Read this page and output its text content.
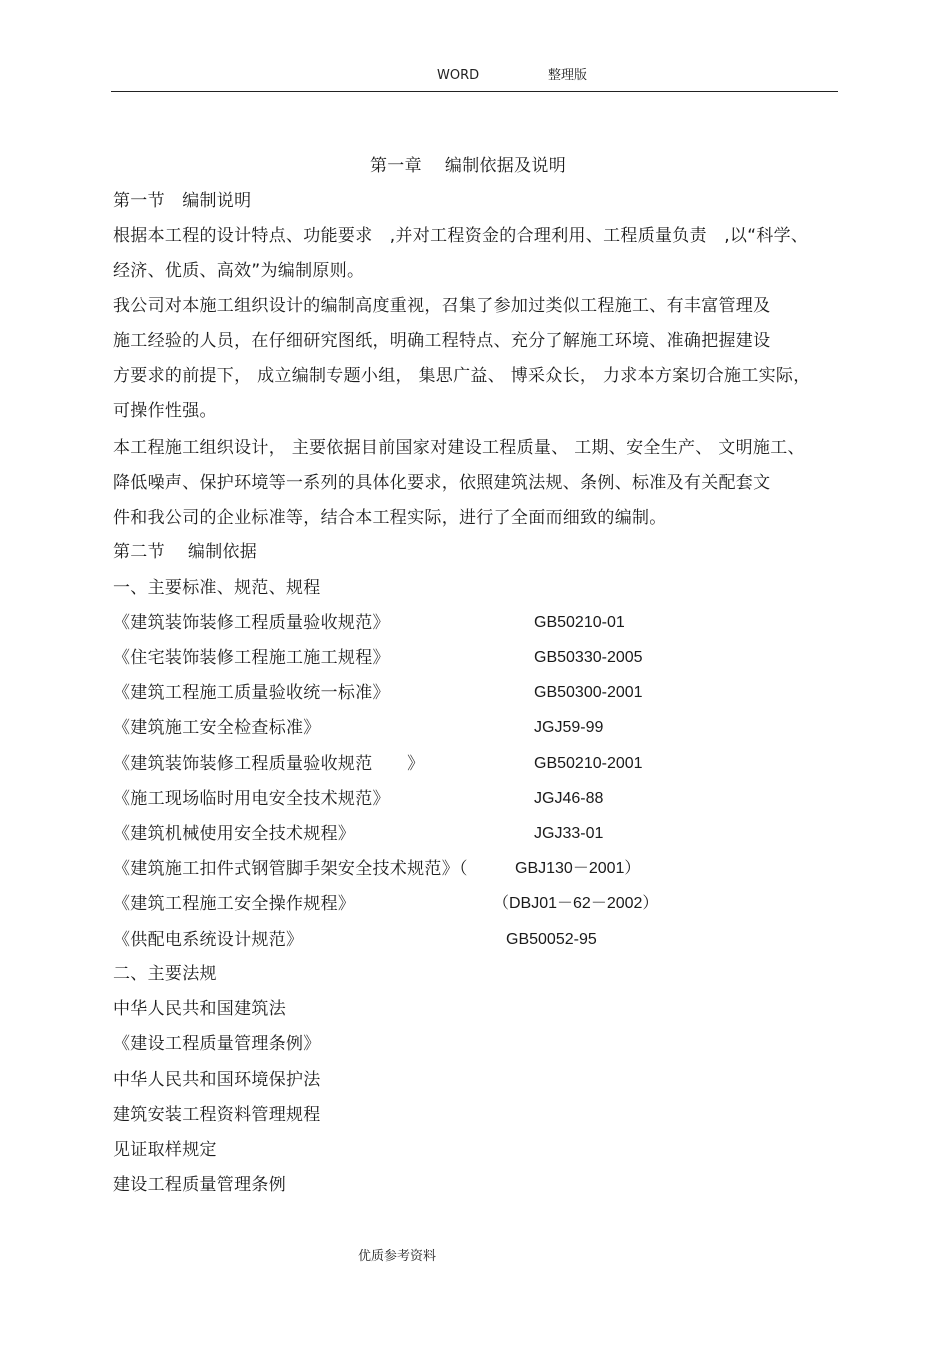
WORD	整理版
第一章　 编制依据及说明
第一节　编制说明
根据本工程的设计特点、功能要求　,并对工程资金的合理利用、工程质量负责　,以“科学、
经济、优质、高效”为编制原则。
我公司对本施工组织设计的编制高度重视，召集了参加过类似工程施工、有丰富管理及
施工经验的人员，在仔细研究图纸，明确工程特点、充分了解施工环境、准确把握建设
方要求的前提下， 成立编制专题小组， 集思广益、 博采众长， 力求本方案切合施工实际，
可操作性强。
本工程施工组织设计， 主要依据目前国家对建设工程质量、 工期、安全生产、 文明施工、
降低噪声、保护环境等一系列的具体化要求，依照建筑法规、条例、标准及有关配套文
件和我公司的企业标准等，结合本工程实际，进行了全面而细致的编制。
第二节　 编制依据
一、主要标准、规范、规程
《建筑装饰装修工程质量验收规范》	GB50210-01
《住宅装饰装修工程施工施工规程》	GB50330-2005
《建筑工程施工质量验收统一标准》	GB50300-2001
《建筑施工安全检查标准》	JGJ59-99
《建筑装饰装修工程质量验收规范　　》	GB50210-2001
《施工现场临时用电安全技术规范》	JGJ46-88
《建筑机械使用安全技术规程》	JGJ33-01
《建筑施工扣件式钢管脚手架安全技术规范》（	GBJ130－2001）
《建筑工程施工安全操作规程》	（DBJ01－62－2002）
《供配电系统设计规范》	GB50052-95
二、主要法规
中华人民共和国建筑法
《建设工程质量管理条例》
中华人民共和国环境保护法
建筑安装工程资料管理规程
见证取样规定
建设工程质量管理条例
优质参考资料
